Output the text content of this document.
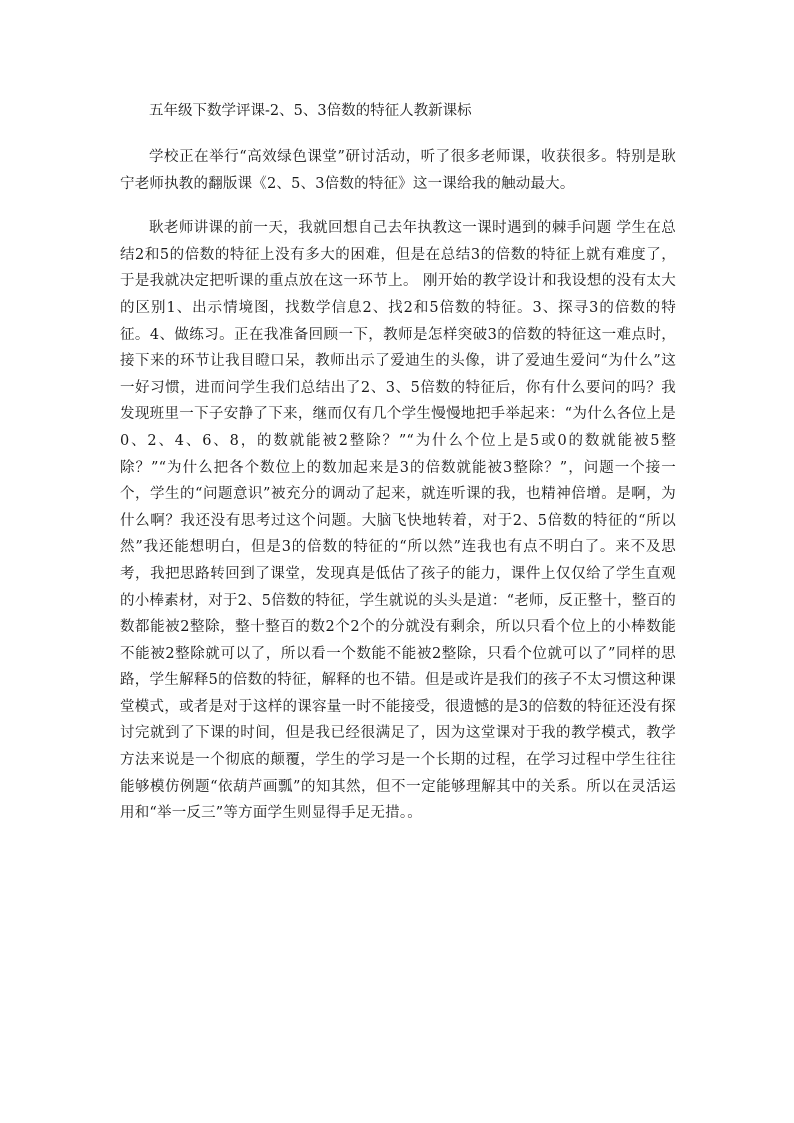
五年级下数学评课-2、5、3倍数的特征人教新课标

学校正在举行“高效绿色课堂”研讨活动，听了很多老师课，收获很多。特别是耿宁老师执教的翻版课《2、5、3倍数的特征》这一课给我的触动最大。

耿老师讲课的前一天，我就回想自己去年执教这一课时遇到的棘手问题 学生在总结2和5的倍数的特征上没有多大的困难，但是在总结3的倍数的特征上就有难度了，于是我就决定把听课的重点放在这一环节上。 刚开始的教学设计和我设想的没有太大的区别1、出示情境图，找数学信息2、找2和5倍数的特征。3、探寻3的倍数的特征。4、做练习。正在我准备回顾一下，教师是怎样突破3的倍数的特征这一难点时，接下来的环节让我目瞪口呆，教师出示了爱迪生的头像，讲了爱迪生爱问“为什么”这一好习惯，进而问学生我们总结出了2、3、5倍数的特征后，你有什么要问的吗？我发现班里一下子安静了下来，继而仅有几个学生慢慢地把手举起来：“为什么各位上是0、2、4、6、8，的数就能被2整除？”“为什么个位上是5或0的数就能被5整除？”“为什么把各个数位上的数加起来是3的倍数就能被3整除？”，问题一个接一个，学生的“问题意识”被充分的调动了起来，就连听课的我，也精神倍增。是啊，为什么啊？我还没有思考过这个问题。大脑飞快地转着，对于2、5倍数的特征的“所以然”我还能想明白，但是3的倍数的特征的“所以然”连我也有点不明白了。来不及思考，我把思路转回到了课堂，发现真是低估了孩子的能力，课件上仅仅给了学生直观的小棒素材，对于2、5倍数的特征，学生就说的头头是道：“老师，反正整十，整百的数都能被2整除，整十整百的数2个2个的分就没有剩余，所以只看个位上的小棒数能不能被2整除就可以了，所以看一个数能不能被2整除，只看个位就可以了”同样的思路，学生解释5的倍数的特征，解释的也不错。但是或许是我们的孩子不太习惯这种课堂模式，或者是对于这样的课容量一时不能接受，很遗憾的是3的倍数的特征还没有探讨完就到了下课的时间，但是我已经很满足了，因为这堂课对于我的教学模式，教学方法来说是一个彻底的颠覆，学生的学习是一个长期的过程，在学习过程中学生往往能够模仿例题“依葫芦画瓢”的知其然，但不一定能够理解其中的关系。所以在灵活运用和“举一反三”等方面学生则显得手足无措。。
